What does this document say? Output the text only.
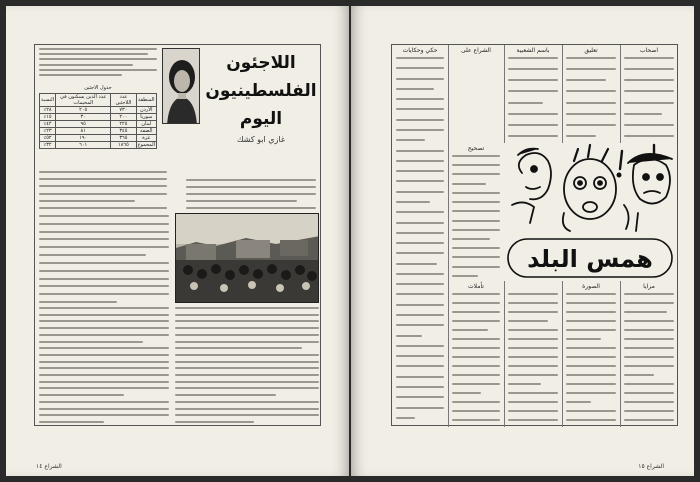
اللاجئون
الفلسطينيون
اليوم
غازي ابو كشك
جدول الاجئين
المنطقة	عدد اللاجئين	عدد الذين يسكنون في المخيمات	النسبة
الأردن	٧٣٠	٢٠٥	٢٨٪
سوريا	٢٠٠	٣٠	١٥٪
لبنان	٢٢٥	٩٥	٤٢٪
الضفة	٣٤٥	٨١	٢٣٪
غزة	٣٦٥	١٩٠	٥٢٪
المجموع	١٨٦٥	٦٠١	٣٢٪
الشراع ١٤
حكي وحكايات	الشراع على	باسم الشعبية	تعليق	اصحاب
همس البلد
تصحيح
تأملات	الصورة	مرايا
الشراع ١٥
